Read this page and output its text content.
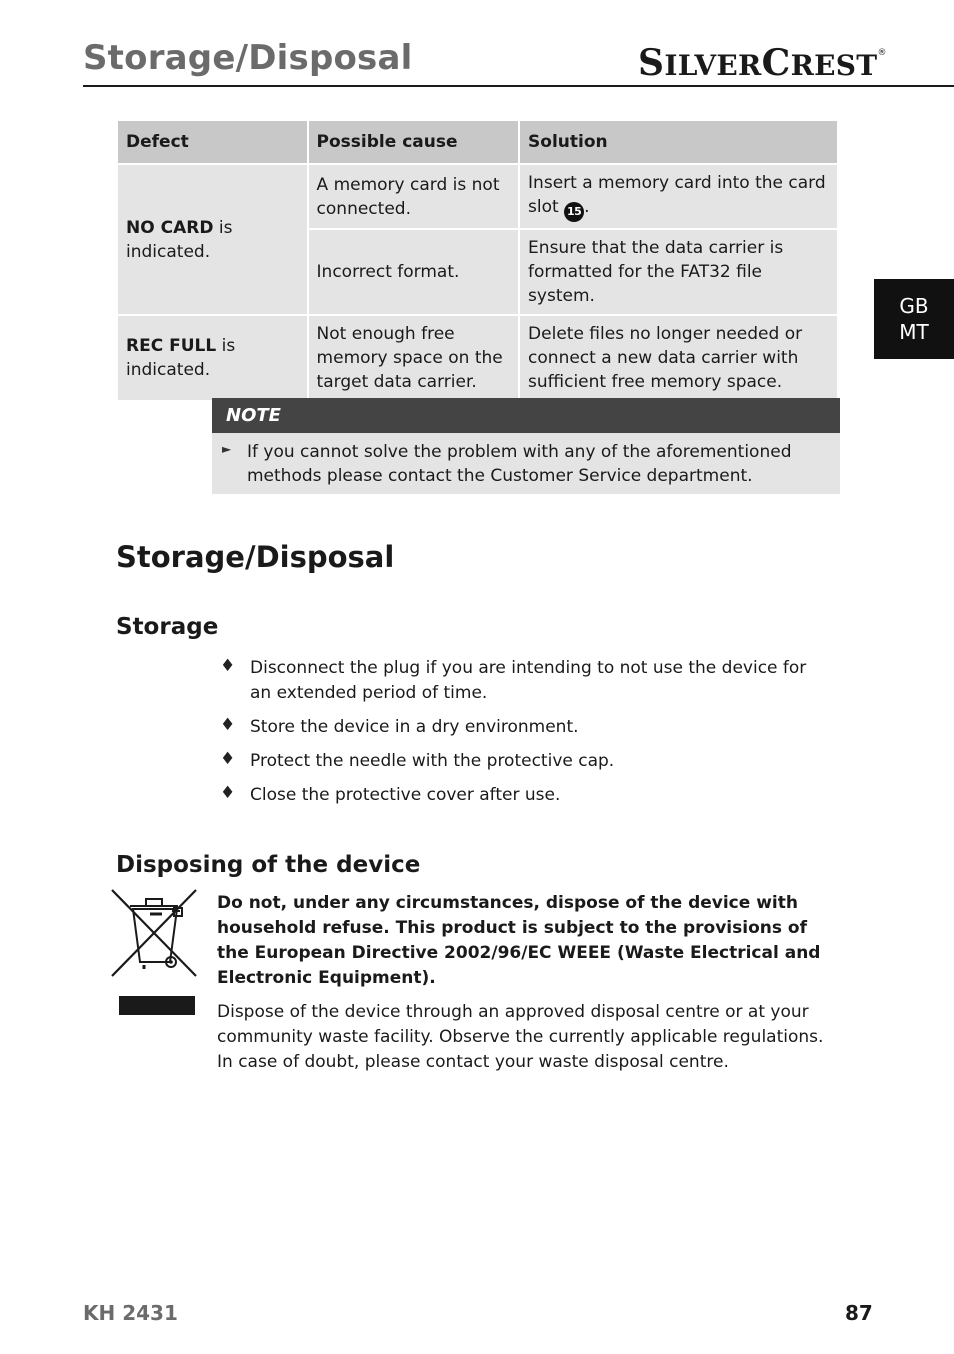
Storage/Disposal	SILVERCREST®
GB
MT
Defect	Possible cause	Solution
NO CARD is indicated.	A memory card is not connected.	Insert a memory card into the card slot 15 .
	Incorrect format.	Ensure that the data carrier is formatted for the FAT32 file system.
REC FULL is indicated.	Not enough free memory space on the target data carrier.	Delete files no longer needed or connect a new data carrier with sufficient free memory space.
NOTE
► If you cannot solve the problem with any of the aforementioned methods please contact the Customer Service department.
Storage/Disposal
Storage
♦ Disconnect the plug if you are intending to not use the device for an extended period of time.
♦ Store the device in a dry environment.
♦ Protect the needle with the protective cap.
♦ Close the protective cover after use.
Disposing of the device
Do not, under any circumstances, dispose of the device with household refuse. This product is subject to the provisions of the European Directive 2002/96/EC WEEE (Waste Electrical and Electronic Equipment).
Dispose of the device through an approved disposal centre or at your community waste facility. Observe the currently applicable regulations. In case of doubt, please contact your waste disposal centre.
KH 2431	87
